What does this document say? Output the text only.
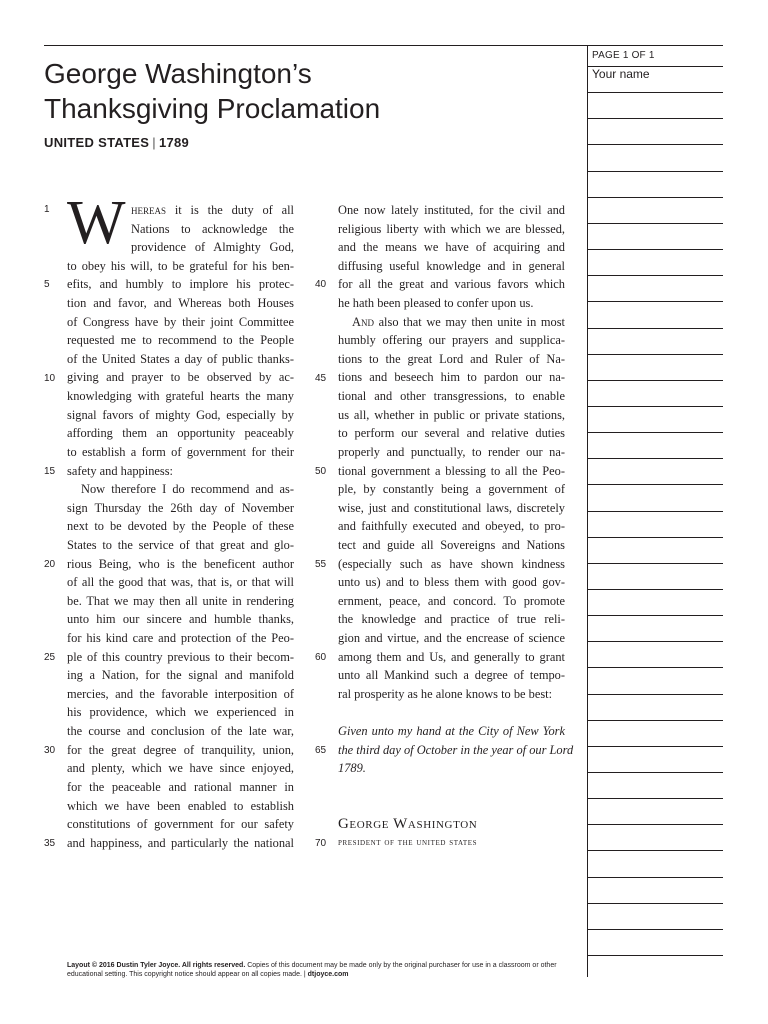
PAGE 1 OF 1
Your name
George Washington’s
Thanksgiving Proclamation
UNITED STATES | 1789
W hereas it is the duty of all
Nations to acknowledge the
providence of Almighty God,
to obey his will, to be grateful for his ben-
efits, and humbly to implore his protec-
tion and favor, and Whereas both Houses
of Congress have by their joint Committee
requested me to recommend to the People
of the United States a day of public thanks-
giving and prayer to be observed by ac-
knowledging with grateful hearts the many
signal favors of mighty God, especially by
affording them an opportunity peaceably
to establish a form of government for their
safety and happiness:
Now therefore I do recommend and as-
sign Thursday the 26th day of November
next to be devoted by the People of these
States to the service of that great and glo-
rious Being, who is the beneficent author
of all the good that was, that is, or that will
be. That we may then all unite in rendering
unto him our sincere and humble thanks,
for his kind care and protection of the Peo-
ple of this country previous to their becom-
ing a Nation, for the signal and manifold
mercies, and the favorable interposition of
his providence, which we experienced in
the course and conclusion of the late war,
for the great degree of tranquility, union,
and plenty, which we have since enjoyed,
for the peaceable and rational manner in
which we have been enabled to establish
constitutions of government for our safety
and happiness, and particularly the national
One now lately instituted, for the civil and
religious liberty with which we are blessed,
and the means we have of acquiring and
diffusing useful knowledge and in general
for all the great and various favors which
he hath been pleased to confer upon us.
And also that we may then unite in most
humbly offering our prayers and supplica-
tions to the great Lord and Ruler of Na-
tions and beseech him to pardon our na-
tional and other transgressions, to enable
us all, whether in public or private stations,
to perform our several and relative duties
properly and punctually, to render our na-
tional government a blessing to all the Peo-
ple, by constantly being a government of
wise, just and constitutional laws, discretely
and faithfully executed and obeyed, to pro-
tect and guide all Sovereigns and Nations
(especially such as have shown kindness
unto us) and to bless them with good gov-
ernment, peace, and concord. To promote
the knowledge and practice of true reli-
gion and virtue, and the encrease of science
among them and Us, and generally to grant
unto all Mankind such a degree of tempo-
ral prosperity as he alone knows to be best:
Given unto my hand at the City of New York
the third day of October in the year of our Lord
1789.
George Washington
president of the united states
1
5
10
15
20
25
30
35
40
45
50
55
60
65
70
Layout © 2016 Dustin Tyler Joyce. All rights reserved. Copies of this document may be made only by the original purchaser for use in a classroom or other
educational setting. This copyright notice should appear on all copies made. | dtjoyce.com
